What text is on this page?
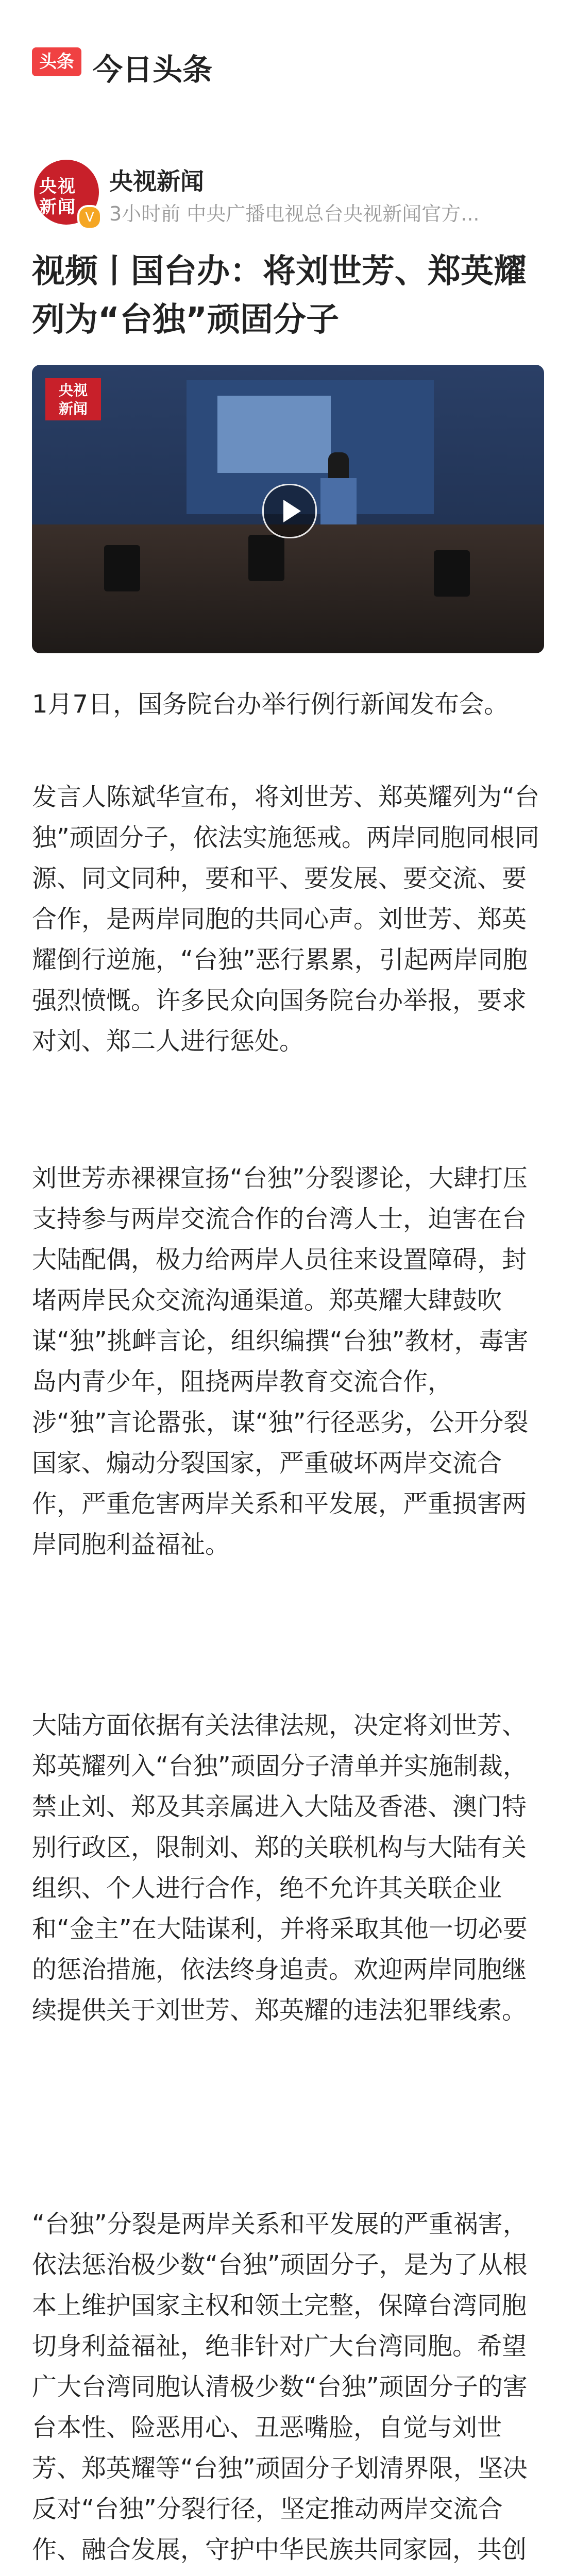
头条 今日头条
央视
新闻 V
央视新闻
3小时前 中央广播电视总台央视新闻官方...
视频丨国台办：将刘世芳、郑英耀列为“台独”顽固分子
央视
新闻

1月7日，国务院台办举行例行新闻发布会。

发言人陈斌华宣布，将刘世芳、郑英耀列为“台独”顽固分子，依法实施惩戒。两岸同胞同根同源、同文同种，要和平、要发展、要交流、要合作，是两岸同胞的共同心声。刘世芳、郑英耀倒行逆施，“台独”恶行累累，引起两岸同胞强烈愤慨。许多民众向国务院台办举报，要求对刘、郑二人进行惩处。

刘世芳赤裸裸宣扬“台独”分裂谬论，大肆打压支持参与两岸交流合作的台湾人士，迫害在台大陆配偶，极力给两岸人员往来设置障碍，封堵两岸民众交流沟通渠道。郑英耀大肆鼓吹谋“独”挑衅言论，组织编撰“台独”教材，毒害岛内青少年，阻挠两岸教育交流合作，涉“独”言论嚣张，谋“独”行径恶劣，公开分裂国家、煽动分裂国家，严重破坏两岸交流合作，严重危害两岸关系和平发展，严重损害两岸同胞利益福祉。

大陆方面依据有关法律法规，决定将刘世芳、郑英耀列入“台独”顽固分子清单并实施制裁，禁止刘、郑及其亲属进入大陆及香港、澳门特别行政区，限制刘、郑的关联机构与大陆有关组织、个人进行合作，绝不允许其关联企业和“金主”在大陆谋利，并将采取其他一切必要的惩治措施，依法终身追责。欢迎两岸同胞继续提供关于刘世芳、郑英耀的违法犯罪线索。

“台独”分裂是两岸关系和平发展的严重祸害，依法惩治极少数“台独”顽固分子，是为了从根本上维护国家主权和领土完整，保障台湾同胞切身利益福祉，绝非针对广大台湾同胞。希望广大台湾同胞认清极少数“台独”顽固分子的害台本性、险恶用心、丑恶嘴脸，自觉与刘世芳、郑英耀等“台独”顽固分子划清界限，坚决反对“台独”分裂行径，坚定推动两岸交流合作、融合发展，守护中华民族共同家园，共创
